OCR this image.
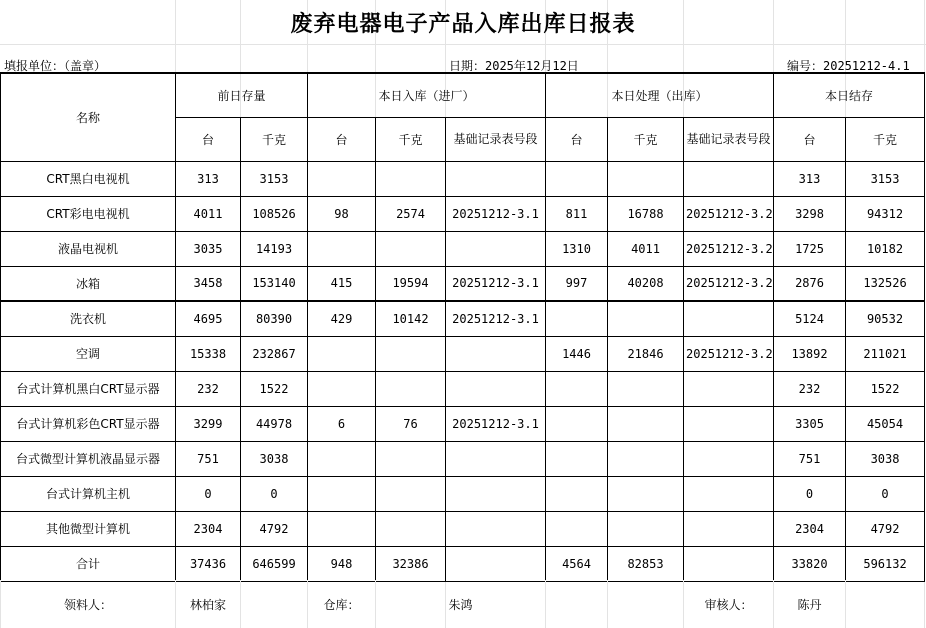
废弃电器电子产品入库出库日报表
填报单位：（盖章）	日期：2025年12月12日	编号：20251212-4.1
名称	前日存量		本日入库（进厂）			本日处理（出库）			本日结存	
	台	千克	台	千克	基础记录表号段	台	千克	基础记录表号段	台	千克
CRT黑白电视机	313	3153							313	3153
CRT彩电电视机	4011	108526	98	2574	20251212-3.1	811	16788	20251212-3.2	3298	94312
液晶电视机	3035	14193				1310	4011	20251212-3.2	1725	10182
冰箱	3458	153140	415	19594	20251212-3.1	997	40208	20251212-3.2	2876	132526
洗衣机	4695	80390	429	10142	20251212-3.1				5124	90532
空调	15338	232867				1446	21846	20251212-3.2	13892	211021
台式计算机黑白CRT显示器	232	1522							232	1522
台式计算机彩色CRT显示器	3299	44978	6	76	20251212-3.1				3305	45054
台式微型计算机液晶显示器	751	3038							751	3038
台式计算机主机	0	0							0	0
其他微型计算机	2304	4792							2304	4792
合计	37436	646599	948	32386		4564	82853		33820	596132
领料人：	林柏家		仓库：	朱鸿			审核人：	陈丹	
